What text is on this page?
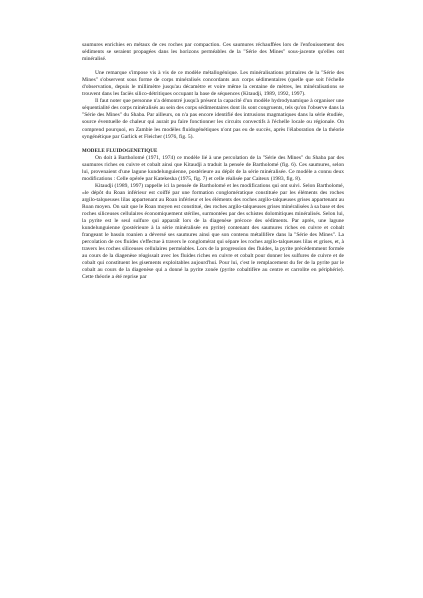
saumures enrichies en métaux de ces roches par compaction. Ces saumures réchauffées lors de l'enfouissement des sédiments se seraient propagées dans les horizons perméables de la "Série des Mines" sous-jacente qu'elles ont minéralisé.

Une remarque s'impose vis à vis de ce modèle métallogénique. Les minéralisations primaires de la "Série des Mines" s'observent sous forme de corps minéralisés concordants aux corps sédimentaires (quelle que soit l'échelle d'observation, depuis le millimètre jusqu'au décamètre et voire même la centaine de mètres, les minéralisations se trouvent dans les faciès silico-détritiques occupant la base de séquences (Kitaudji, 1989, 1992, 1997).

Il faut noter que personne n'a démontré jusqu'à présent la capacité d'un modèle hydrodynamique à organiser une séquentialité des corps minéralisés au sein des corps sédimentaires dont ils sont congruents, tels qu'on l'observe dans la "Série des Mines" du Shaba. Par ailleurs, on n'a pas encore identifié des intrusions magmatiques dans la série étudiée, source éventuelle de chaleur qui aurait pu faire fonctionner les circuits convectifs à l'échelle locale ou régionale. On comprend pourquoi, en Zambie les modèles fluidogénétiques n'ont pas eu de succès, après l'élaboration de la théorie syngénétique par Garlick et Fleicher (1976, fig. 5).

MODELE FLUIDOGENETIQUE

On doit à Bartholomé (1971, 1974) ce modèle lié à une percolation de la "Série des Mines" du Shaba par des saumures riches en cuivre et cobalt ainsi que Kitaudji a traduit la pensée de Bartholomé (fig. 6). Ces saumures, selon lui, provenaient d'une lagune kundelunguienne, postérieure au dépôt de la série minéralisée. Ce modèle a connu deux modifications : Celle opérée par Katekesha (1975, fig. 7) et celle réalisée par Caiteux (1983, fig. 8).

Kitaudji (1989, 1997) rappelle ici la pensée de Bartholomé et les modifications qui ont suivi. Selon Bartholomé, «le dépôt du Roan inférieur est coiffé par une formation conglomératique constituée par les éléments des roches argilo-talqueuses lilas appartenant au Roan inférieur et les éléments des roches argilo-talqueuses grises appartenant au Roan moyen. On sait que le Roan moyen est constitué, des roches argilo-talqueuses grises minéralisées à sa base et des roches siliceuses cellulaires économiquement stériles, surmontées par des schistes dolomitiques minéralisés. Selon lui, la pyrite est le seul sulfure qui apparaît lors de la diagenèse précoce des sédiments. Par après, une lagune kundelunguienne (postérieure à la série minéralisée en pyrite) contenant des saumures riches en cuivre et cobalt frangeant le bassin roanien a déversé ses saumures ainsi que son contenu métallifère dans la "Série des Mines". La percolation de ces fluides s'effectue à travers le conglomérat qui sépare les roches argilo-talqueuses lilas et grises, et, à travers les roches siliceuses cellulaires perméables. Lors de la progression des fluides, la pyrite précédemment formée au cours de la diagenèse réagissait avec les fluides riches en cuivre et cobalt pour donner les sulfures de cuivre et de cobalt qui constituent les gisements exploitables aujourd'hui. Pour lui, c'est le remplacement du fer de la pyrite par le cobalt au cours de la diagenèse qui a donné la pyrite zonée (pyrite cobaltifère au centre et carrolite en périphérie). Cette théorie a été reprise par
